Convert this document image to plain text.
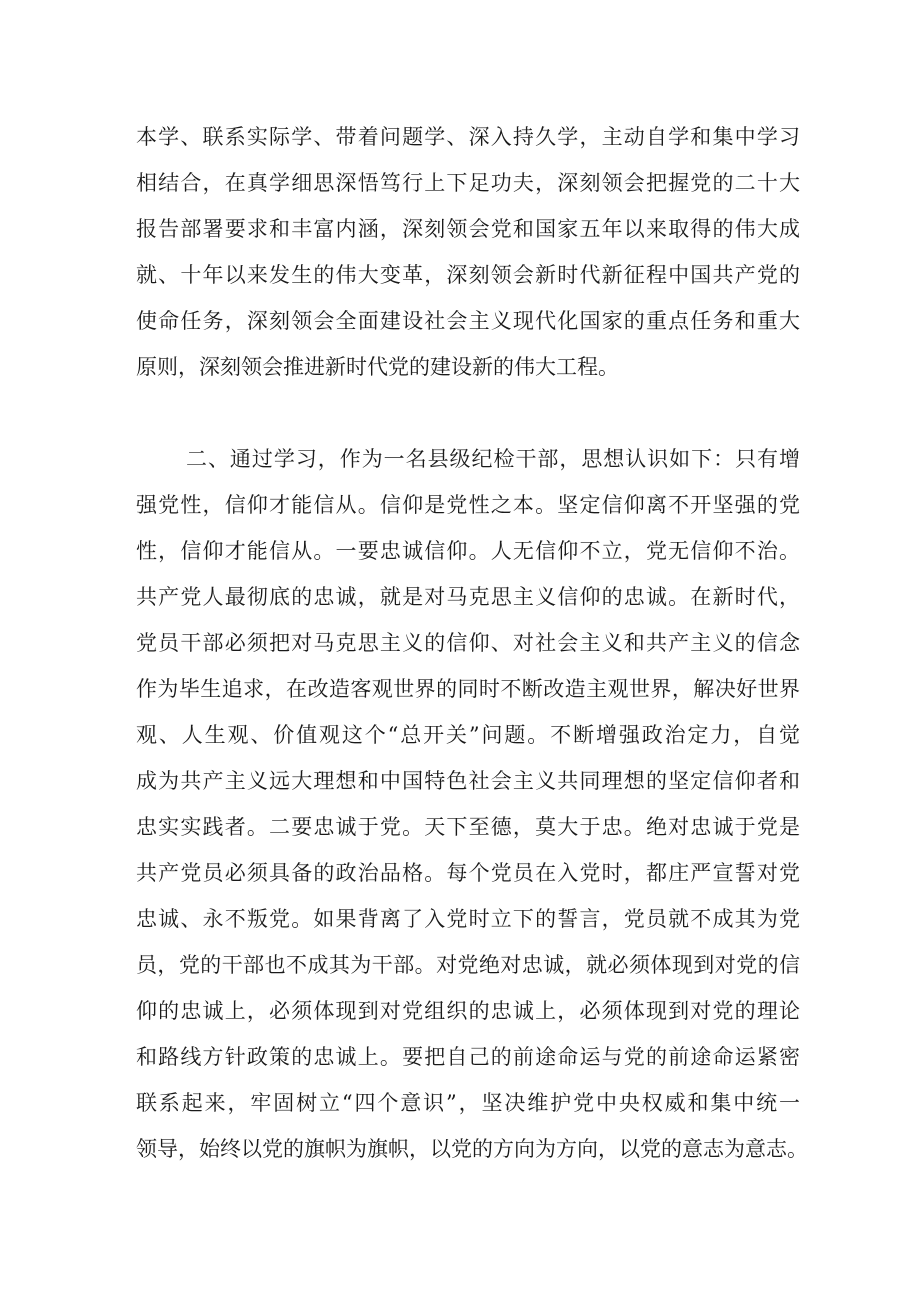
本学、联系实际学、带着问题学、深入持久学，主动自学和集中学习
相结合，在真学细思深悟笃行上下足功夫，深刻领会把握党的二十大
报告部署要求和丰富内涵，深刻领会党和国家五年以来取得的伟大成
就、十年以来发生的伟大变革，深刻领会新时代新征程中国共产党的
使命任务，深刻领会全面建设社会主义现代化国家的重点任务和重大
原则，深刻领会推进新时代党的建设新的伟大工程。
二、通过学习，作为一名县级纪检干部，思想认识如下：只有增
强党性，信仰才能信从。信仰是党性之本。坚定信仰离不开坚强的党
性，信仰才能信从。一要忠诚信仰。人无信仰不立，党无信仰不治。
共产党人最彻底的忠诚，就是对马克思主义信仰的忠诚。在新时代，
党员干部必须把对马克思主义的信仰、对社会主义和共产主义的信念
作为毕生追求，在改造客观世界的同时不断改造主观世界，解决好世界
观、人生观、价值观这个“总开关”问题。不断增强政治定力，自觉
成为共产主义远大理想和中国特色社会主义共同理想的坚定信仰者和
忠实实践者。二要忠诚于党。天下至德，莫大于忠。绝对忠诚于党是
共产党员必须具备的政治品格。每个党员在入党时，都庄严宣誓对党
忠诚、永不叛党。如果背离了入党时立下的誓言，党员就不成其为党
员，党的干部也不成其为干部。对党绝对忠诚，就必须体现到对党的信
仰的忠诚上，必须体现到对党组织的忠诚上，必须体现到对党的理论
和路线方针政策的忠诚上。要把自己的前途命运与党的前途命运紧密
联系起来，牢固树立“四个意识”，坚决维护党中央权威和集中统一
领导，始终以党的旗帜为旗帜，以党的方向为方向，以党的意志为意志。
